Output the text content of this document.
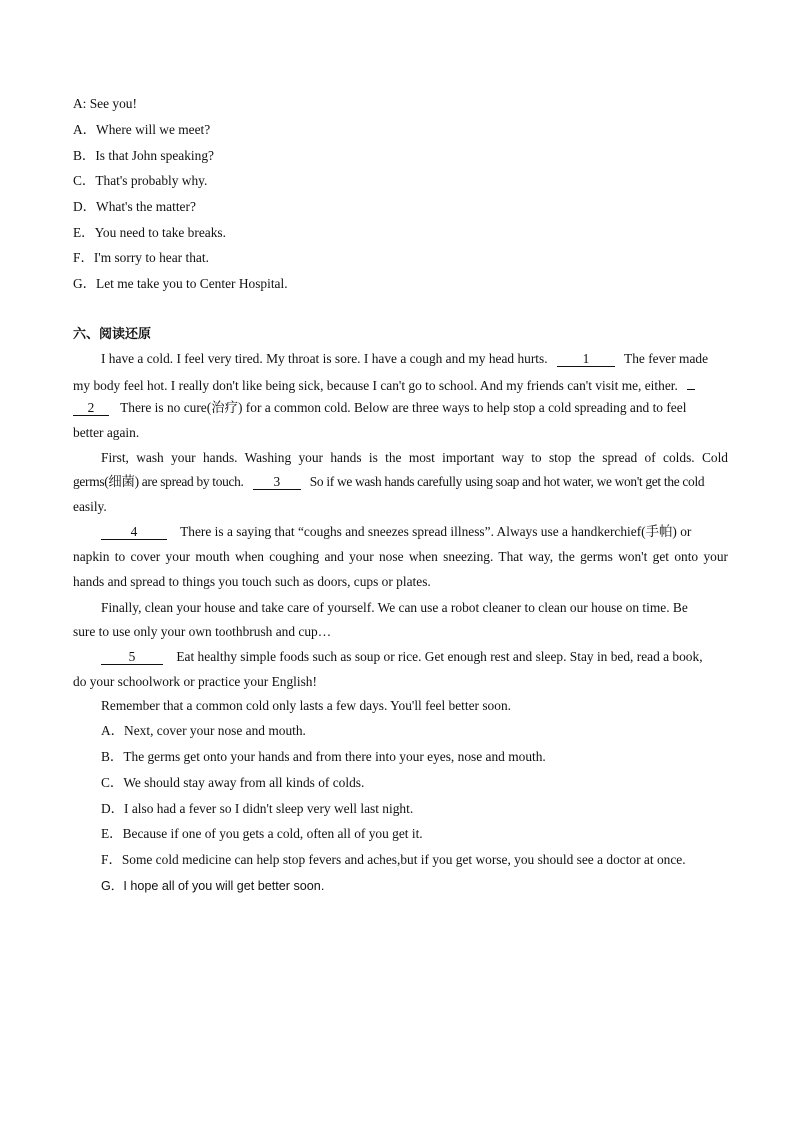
A: See you!
A．Where will we meet?
B．Is that John speaking?
C．That's probably why.
D．What's the matter?
E．You need to take breaks.
F．I'm sorry to hear that.
G．Let me take you to Center Hospital.
六、阅读还原
I have a cold. I feel very tired. My throat is sore. I have a cough and my head hurts.	1	The fever made
my body feel hot. I really don't like being sick, because I can't go to school. And my friends can't visit me, either.
2 There is no cure(治疗) for a common cold. Below are three ways to help stop a cold spreading and to feel
better again.
First, wash your hands. Washing your hands is the most important way to stop the spread of colds. Cold
germs(细菌) are spread by touch. 3 So if we wash hands carefully using soap and hot water, we won't get the cold
easily.
4	There is a saying that “coughs and sneezes spread illness”. Always use a handkerchief(手帕) or
napkin to cover your mouth when coughing and your nose when sneezing. That way, the germs won't get onto your
hands and spread to things you touch such as doors, cups or plates.
Finally, clean your house and take care of yourself. We can use a robot cleaner to clean our house on time. Be
sure to use only your own toothbrush and cup…
5	Eat healthy simple foods such as soup or rice. Get enough rest and sleep. Stay in bed, read a book,
do your schoolwork or practice your English!
Remember that a common cold only lasts a few days. You'll feel better soon.
A．Next, cover your nose and mouth.
B．The germs get onto your hands and from there into your eyes, nose and mouth.
C．We should stay away from all kinds of colds.
D．I also had a fever so I didn't sleep very well last night.
E．Because if one of you gets a cold, often all of you get it.
F．Some cold medicine can help stop fevers and aches,but if you get worse, you should see a doctor at once.
G．I hope all of you will get better soon.
